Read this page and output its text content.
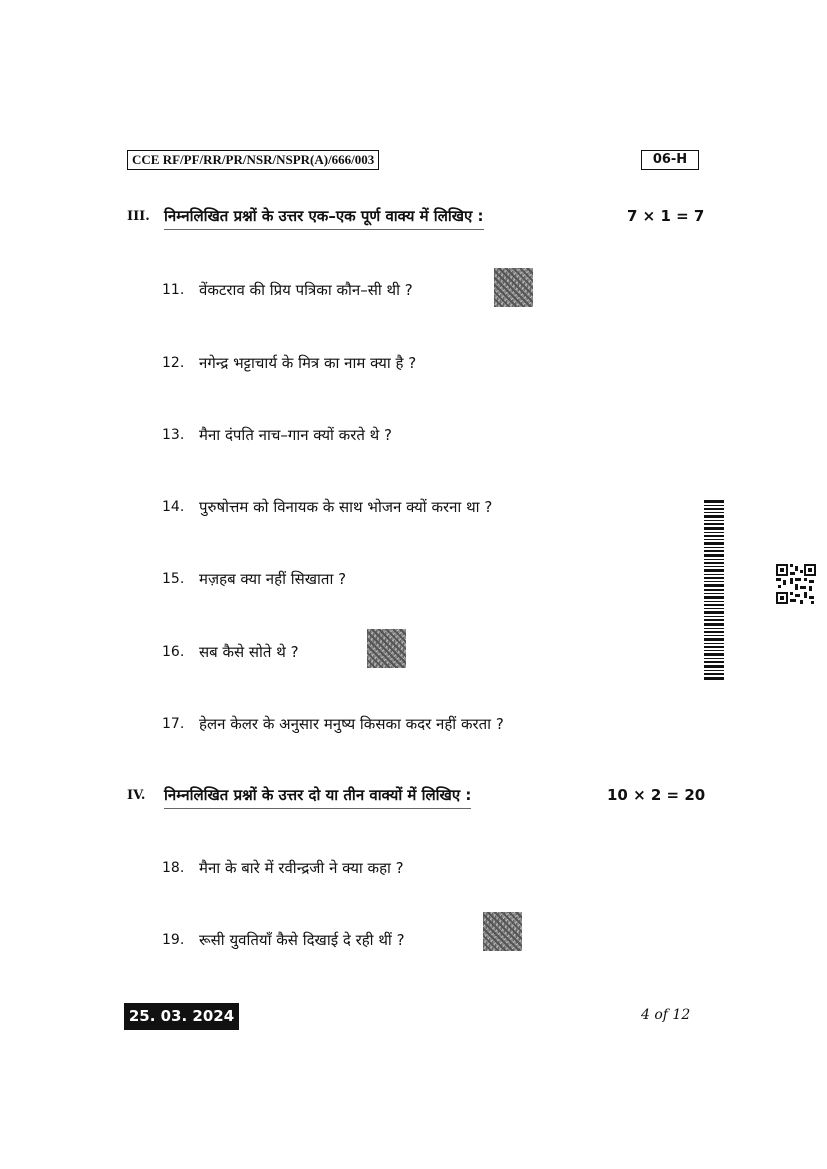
CCE RF/PF/RR/PR/NSR/NSPR(A)/666/003	06-H
III. निम्नलिखित प्रश्नों के उत्तर एक–एक पूर्ण वाक्य में लिखिए :	7 × 1 = 7
11. वेंकटराव की प्रिय पत्रिका कौन–सी थी ?
12. नगेन्द्र भट्टाचार्य के मित्र का नाम क्या है ?
13. मैना दंपति नाच–गान क्यों करते थे ?
14. पुरुषोत्तम को विनायक के साथ भोजन क्यों करना था ?
15. मज़हब क्या नहीं सिखाता ?
16. सब कैसे सोते थे ?
17. हेलन केलर के अनुसार मनुष्य किसका कदर नहीं करता ?
IV. निम्नलिखित प्रश्नों के उत्तर दो या तीन वाक्यों में लिखिए :	10 × 2 = 20
18. मैना के बारे में रवीन्द्रजी ने क्या कहा ?
19. रूसी युवतियाँ कैसे दिखाई दे रही थीं ?
25. 03. 2024	4 of 12
